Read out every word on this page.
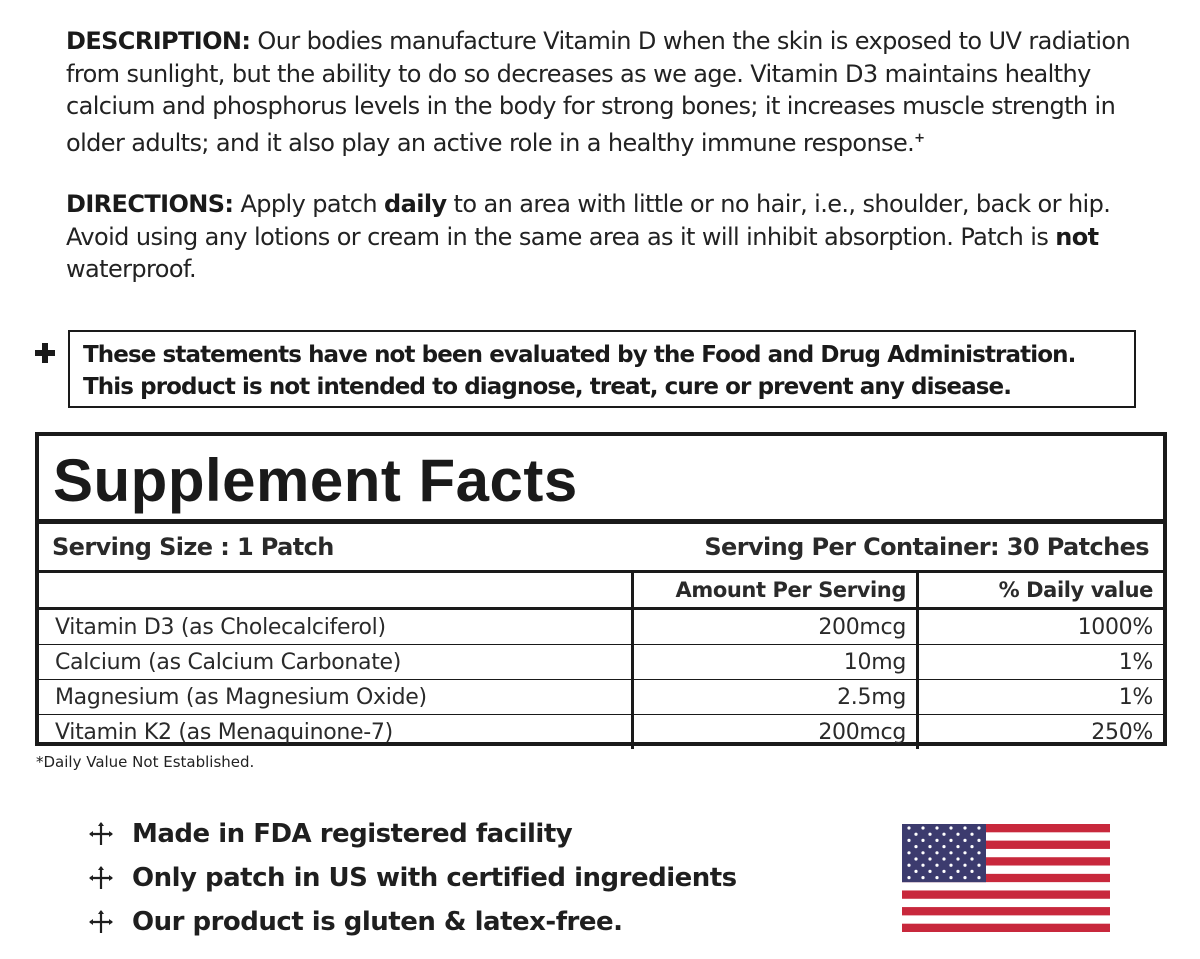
DESCRIPTION: Our bodies manufacture Vitamin D when the skin is exposed to UV radiation from sunlight, but the ability to do so decreases as we age. Vitamin D3 maintains healthy calcium and phosphorus levels in the body for strong bones; it increases muscle strength in older adults; and it also play an active role in a healthy immune response.+

DIRECTIONS: Apply patch daily to an area with little or no hair, i.e., shoulder, back or hip. Avoid using any lotions or cream in the same area as it will inhibit absorption. Patch is not waterproof.

These statements have not been evaluated by the Food and Drug Administration.
This product is not intended to diagnose, treat, cure or prevent any disease.
Supplement Facts
Serving Size : 1 Patch	Serving Per Container: 30 Patches
	Amount Per Serving	% Daily value
Vitamin D3 (as Cholecalciferol)	200mcg	1000%
Calcium (as Calcium Carbonate)	10mg	1%
Magnesium (as Magnesium Oxide)	2.5mg	1%
Vitamin K2 (as Menaquinone-7)	200mcg	250%
*Daily Value Not Established.
Made in FDA registered facility
Only patch in US with certified ingredients
Our product is gluten & latex-free.
